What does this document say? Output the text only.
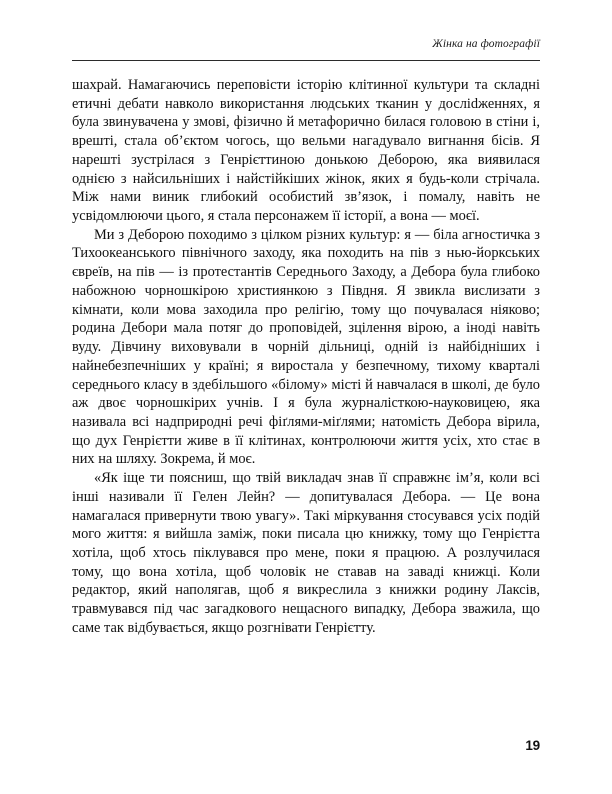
Жінка на фотографії

шахрай. Намагаючись переповісти історію клітинної культури та складні етичні дебати навколо використання людських тканин у досліdженнях, я була звинувачена у змові, фізично й метафорично билася головою в стіни і, врешті, стала об’єктом чогось, що вельми нагадувало вигнання бісів. Я нарешті зустрілася з Генрієттиною донькою Деборою, яка виявилася однією з найсильніших і найстійкіших жінок, яких я будь-коли стрічала. Між нами виник глибокий особистий зв’язок, і помалу, навіть не усвідомлюючи цього, я стала персонажем її історії, а вона — моєї.

Ми з Деборою походимо з цілком різних культур: я — біла агностичка з Тихоокеанського північного заходу, яка походить на пів з нью-йоркських євреїв, на пів — із протестантів Середнього Заходу, а Дебора була глибоко набожною чорношкірою християнкою з Півдня. Я звикла вислизати з кімнати, коли мова заходила про релігію, тому що почувалася ніяково; родина Дебори мала потяг до проповідей, зцілення вірою, а іноді навіть вуду. Дівчину виховували в чорній дільниці, одній із найбідніших і найнебезпечніших у країні; я виростала у безпечному, тихому кварталі середнього класу в здебільшого «білому» місті й навчалася в школі, де було аж двоє чорношкірих учнів. І я була журналісткою-науковицею, яка називала всі надприродні речі фіґлями-міґлями; натомість Дебора вірила, що дух Генрієтти живе в її клітинах, контролюючи життя усіх, хто стає в них на шляху. Зокрема, й моє.

«Як іще ти поясниш, що твій викладач знав її справжнє ім’я, коли всі інші називали її Гелен Лейн? — допитувалася Дебора. — Це вона намагалася привернути твою увагу». Такі міркування стосувався усіх подій мого життя: я вийшла заміж, поки писала цю книжку, тому що Генрієтта хотіла, щоб хтось піклувався про мене, поки я працюю. А розлучилася тому, що вона хотіла, щоб чоловік не ставав на заваді книжці. Коли редактор, який наполягав, щоб я викреслила з книжки родину Лаксів, травмувався під час загадкового нещасного випадку, Дебора зважила, що саме так відбувається, якщо розгнівати Генрієтту.

19
